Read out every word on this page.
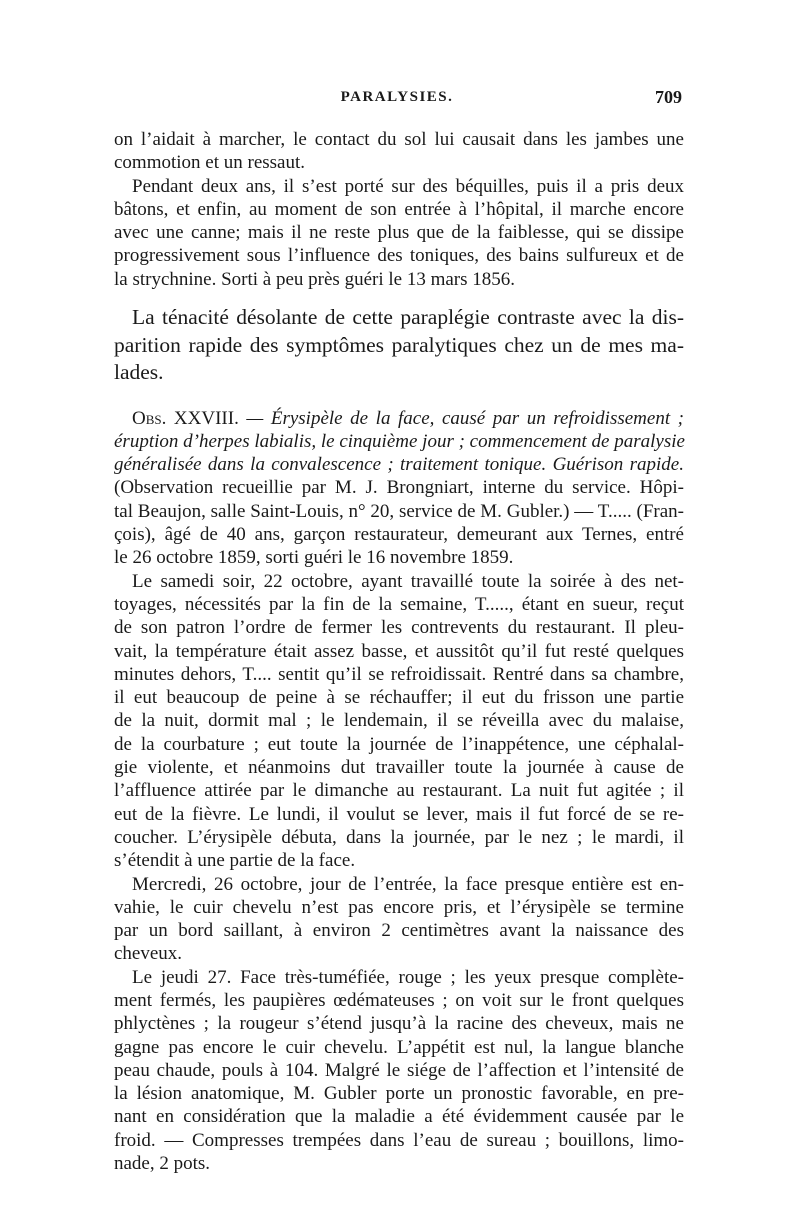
PARALYSIES.	709

on l’aidait à marcher, le contact du sol lui causait dans les jambes une
commotion et un ressaut.

Pendant deux ans, il s’est porté sur des béquilles, puis il a pris deux
bâtons, et enfin, au moment de son entrée à l’hôpital, il marche encore
avec une canne; mais il ne reste plus que de la faiblesse, qui se dissipe
progressivement sous l’influence des toniques, des bains sulfureux et de
la strychnine. Sorti à peu près guéri le 13 mars 1856.

La ténacité désolante de cette paraplégie contraste avec la dis-
parition rapide des symptômes paralytiques chez un de mes ma-
lades.

Obs. XXVIII. — Érysipèle de la face, causé par un refroidissement ;
éruption d’herpes labialis, le cinquième jour ; commencement de paralysie
généralisée dans la convalescence ; traitement tonique. Guérison rapide.
(Observation recueillie par M. J. Brongniart, interne du service. Hôpi-
tal Beaujon, salle Saint-Louis, n° 20, service de M. Gubler.) — T..... (Fran-
çois), âgé de 40 ans, garçon restaurateur, demeurant aux Ternes, entré
le 26 octobre 1859, sorti guéri le 16 novembre 1859.

Le samedi soir, 22 octobre, ayant travaillé toute la soirée à des net-
toyages, nécessités par la fin de la semaine, T....., étant en sueur, reçut
de son patron l’ordre de fermer les contrevents du restaurant. Il pleu-
vait, la température était assez basse, et aussitôt qu’il fut resté quelques
minutes dehors, T.... sentit qu’il se refroidissait. Rentré dans sa chambre,
il eut beaucoup de peine à se réchauffer; il eut du frisson une partie
de la nuit, dormit mal ; le lendemain, il se réveilla avec du malaise,
de la courbature ; eut toute la journée de l’inappétence, une céphalal-
gie violente, et néanmoins dut travailler toute la journée à cause de
l’affluence attirée par le dimanche au restaurant. La nuit fut agitée ; il
eut de la fièvre. Le lundi, il voulut se lever, mais il fut forcé de se re-
coucher. L’érysipèle débuta, dans la journée, par le nez ; le mardi, il
s’étendit à une partie de la face.

Mercredi, 26 octobre, jour de l’entrée, la face presque entière est en-
vahie, le cuir chevelu n’est pas encore pris, et l’érysipèle se termine
par un bord saillant, à environ 2 centimètres avant la naissance des
cheveux.

Le jeudi 27. Face très-tuméfiée, rouge ; les yeux presque complète-
ment fermés, les paupières œdémateuses ; on voit sur le front quelques
phlyctènes ; la rougeur s’étend jusqu’à la racine des cheveux, mais ne
gagne pas encore le cuir chevelu. L’appétit est nul, la langue blanche
peau chaude, pouls à 104. Malgré le siége de l’affection et l’intensité de
la lésion anatomique, M. Gubler porte un pronostic favorable, en pre-
nant en considération que la maladie a été évidemment causée par le
froid. — Compresses trempées dans l’eau de sureau ; bouillons, limo-
nade, 2 pots.
